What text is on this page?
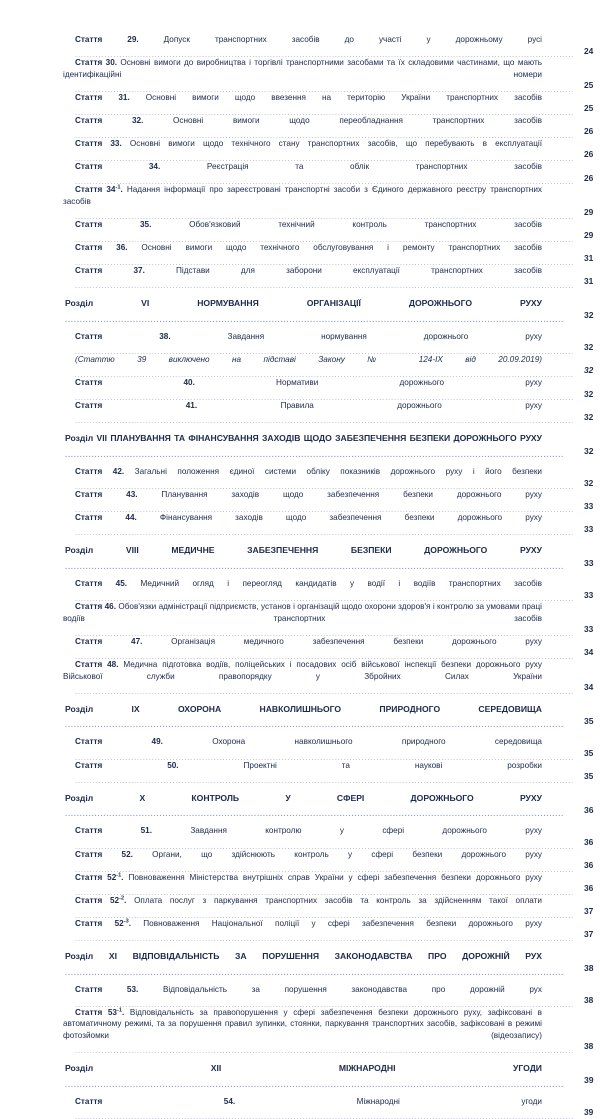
Стаття 29. Допуск транспортних засобів до участі у дорожньому русі ......................................................................................................................................................................... 24
Стаття 30. Основні вимоги до виробництва і торгівлі транспортними засобами та їх складовими частинами, що мають ідентифікаційні номери ......................................................................................................................................................................... 25
Стаття 31. Основні вимоги щодо ввезення на територію України транспортних засобів ......................................................................................................................................................................... 25
Стаття 32. Основні вимоги щодо переобладнання транспортних засобів ......................................................................................................................................................................... 26
Стаття 33. Основні вимоги щодо технічного стану транспортних засобів, що перебувають в експлуатації ......................................................................................................................................................................... 26
Стаття 34. Реєстрація та облік транспортних засобів ......................................................................................................................................................................... 26
Стаття $34^{-1}$. Надання інформації про зареєстровані транспортні засоби з Єдиного державного реєстру транспортних засобів ......................................................................................................................................................................... 29
Стаття 35. Обов'язковий технічний контроль транспортних засобів ......................................................................................................................................................................... 29
Стаття 36. Основні вимоги щодо технічного обслуговування і ремонту транспортних засобів ......................................................................................................................................................................... 31
Стаття 37. Підстави для заборони експлуатації транспортних засобів ......................................................................................................................................................................... 31
Розділ VI НОРМУВАННЯ ОРГАНІЗАЦІЇ ДОРОЖНЬОГО РУХУ ......................................................................................................................................................................... 32
Стаття 38. Завдання нормування дорожнього руху ......................................................................................................................................................................... 32
(Статтю 39 виключено на підставі Закону № 124-IX від 20.09.2019) ......................................................................................................................................................................... 32
Стаття 40. Нормативи дорожнього руху ......................................................................................................................................................................... 32
Стаття 41. Правила дорожнього руху ......................................................................................................................................................................... 32
Розділ VII ПЛАНУВАННЯ ТА ФІНАНСУВАННЯ ЗАХОДІВ ЩОДО ЗАБЕЗПЕЧЕННЯ БЕЗПЕКИ ДОРОЖНЬОГО РУХУ ......................................................................................................................................................................... 32
Стаття 42. Загальні положення єдиної системи обліку показників дорожнього руху і його безпеки ......................................................................................................................................................................... 32
Стаття 43. Планування заходів щодо забезпечення безпеки дорожнього руху ......................................................................................................................................................................... 33
Стаття 44. Фінансування заходів щодо забезпечення безпеки дорожнього руху ......................................................................................................................................................................... 33
Розділ VIII МЕДИЧНЕ ЗАБЕЗПЕЧЕННЯ БЕЗПЕКИ ДОРОЖНЬОГО РУХУ ......................................................................................................................................................................... 33
Стаття 45. Медичний огляд і переогляд кандидатів у водії і водіїв транспортних засобів ......................................................................................................................................................................... 33
Стаття 46. Обов'язки адміністрації підприємств, установ і організацій щодо охорони здоров'я і контролю за умовами праці водіїв транспортних засобів ......................................................................................................................................................................... 33
Стаття 47. Організація медичного забезпечення безпеки дорожнього руху ......................................................................................................................................................................... 34
Стаття 48. Медична підготовка водіїв, поліцейських і посадових осіб військової інспекції безпеки дорожнього руху Військової служби правопорядку у Збройних Силах України ......................................................................................................................................................................... 34
Розділ IX ОХОРОНА НАВКОЛИШНЬОГО ПРИРОДНОГО СЕРЕДОВИЩА ......................................................................................................................................................................... 35
Стаття 49. Охорона навколишнього природного середовища ......................................................................................................................................................................... 35
Стаття 50. Проектні та наукові розробки ......................................................................................................................................................................... 35
Розділ X КОНТРОЛЬ У СФЕРІ ДОРОЖНЬОГО РУХУ ......................................................................................................................................................................... 36
Стаття 51. Завдання контролю у сфері дорожнього руху ......................................................................................................................................................................... 36
Стаття 52. Органи, що здійснюють контроль у сфері безпеки дорожнього руху ......................................................................................................................................................................... 36
Стаття $52^{-1}$. Повноваження Міністерства внутрішніх справ України у сфері забезпечення безпеки дорожнього руху ......................................................................................................................................................................... 36
Стаття $52^{-2}$. Оплата послуг з паркування транспортних засобів та контроль за здійсненням такої оплати ......................................................................................................................................................................... 37
Стаття $52^{-3}$. Повноваження Національної поліції у сфері забезпечення безпеки дорожнього руху ......................................................................................................................................................................... 37
Розділ XI ВІДПОВІДАЛЬНІСТЬ ЗА ПОРУШЕННЯ ЗАКОНОДАВСТВА ПРО ДОРОЖНІЙ РУХ ......................................................................................................................................................................... 38
Стаття 53. Відповідальність за порушення законодавства про дорожній рух ......................................................................................................................................................................... 38
Стаття $53^{-1}$. Відповідальність за правопорушення у сфері забезпечення безпеки дорожнього руху, зафіксовані в автоматичному режимі, та за порушення правил зупинки, стоянки, паркування транспортних засобів, зафіксовані в режимі фотозйомки (відеозапису) ......................................................................................................................................................................... 38
Розділ XII МІЖНАРОДНІ УГОДИ ......................................................................................................................................................................... 39
Стаття 54. Міжнародні угоди ......................................................................................................................................................................... 39
